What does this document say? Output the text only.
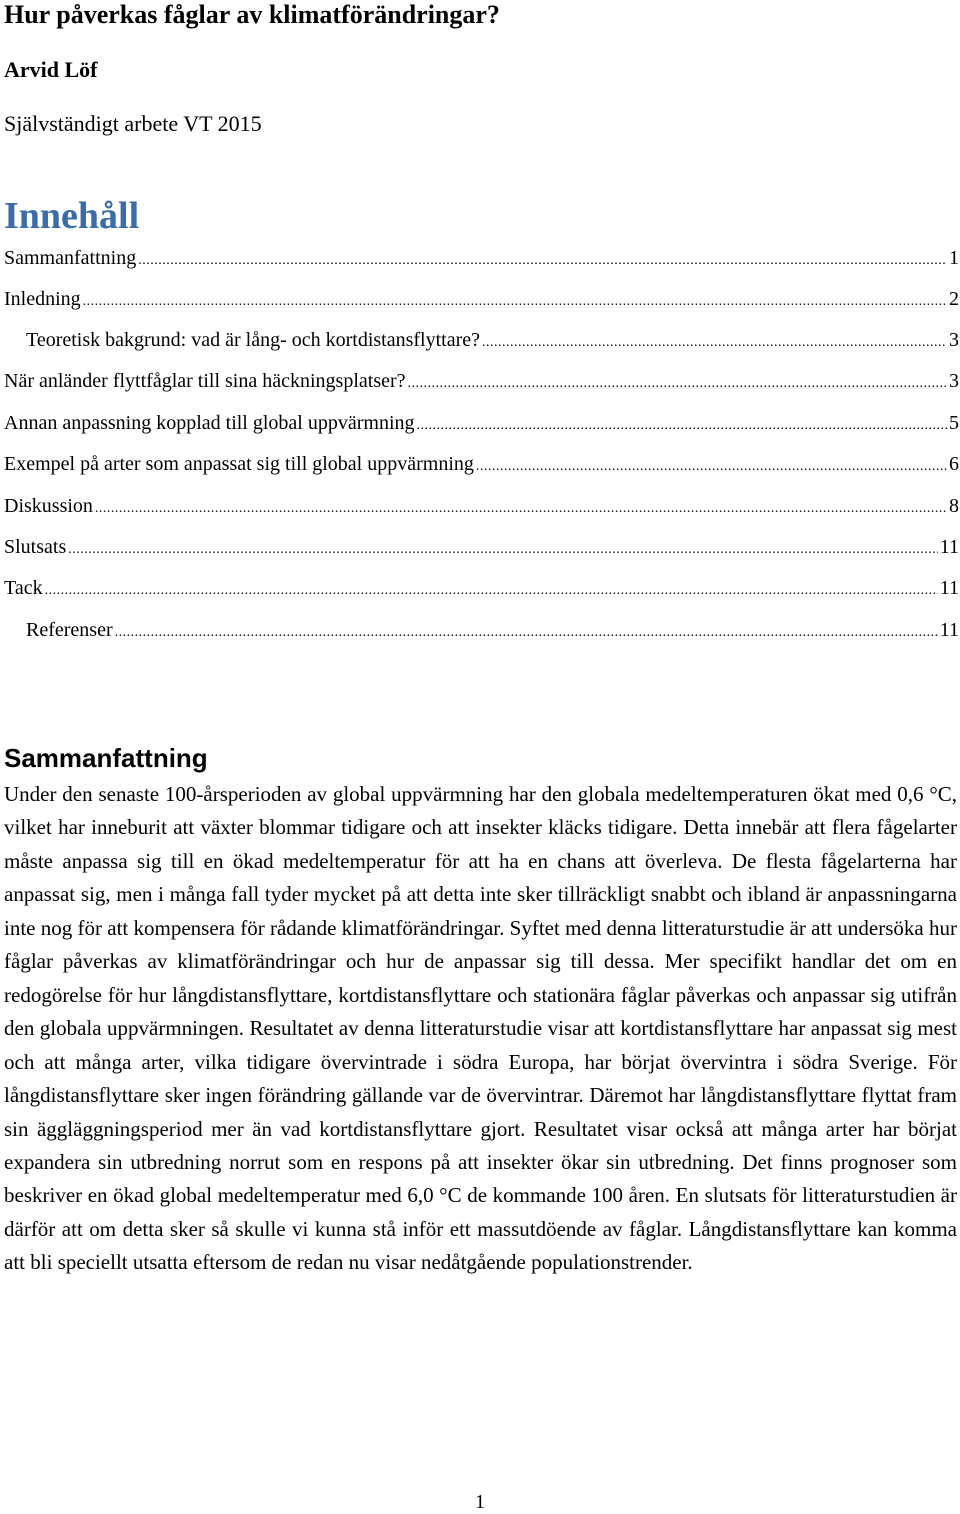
Hur påverkas fåglar av klimatförändringar?
Arvid Löf
Självständigt arbete VT 2015
Innehåll
Sammanfattning .....	1
Inledning .....	2
Teoretisk bakgrund: vad är lång- och kortdistansflyttare? .....	3
När anländer flyttfåglar till sina häckningsplatser? .....	3
Annan anpassning kopplad till global uppvärmning .....	5
Exempel på arter som anpassat sig till global uppvärmning .....	6
Diskussion .....	8
Slutsats .....	11
Tack .....	11
Referenser .....	11
Sammanfattning

Under den senaste 100-årsperioden av global uppvärmning har den globala medeltemperaturen ökat med 0,6 °C, vilket har inneburit att växter blommar tidigare och att insekter kläcks tidigare. Detta innebär att flera fågelarter måste anpassa sig till en ökad medeltemperatur för att ha en chans att överleva. De flesta fågelarterna har anpassat sig, men i många fall tyder mycket på att detta inte sker tillräckligt snabbt och ibland är anpassningarna inte nog för att kompensera för rådande klimatförändringar. Syftet med denna litteraturstudie är att undersöka hur fåglar påverkas av klimatförändringar och hur de anpassar sig till dessa. Mer specifikt handlar det om en redogörelse för hur långdistansflyttare, kortdistansflyttare och stationära fåglar påverkas och anpassar sig utifrån den globala uppvärmningen. Resultatet av denna litteraturstudie visar att kortdistansflyttare har anpassat sig mest och att många arter, vilka tidigare övervintrade i södra Europa, har börjat övervintra i södra Sverige. För långdistansflyttare sker ingen förändring gällande var de övervintrar. Däremot har långdistansflyttare flyttat fram sin äggläggningsperiod mer än vad kortdistansflyttare gjort. Resultatet visar också att många arter har börjat expandera sin utbredning norrut som en respons på att insekter ökar sin utbredning. Det finns prognoser som beskriver en ökad global medeltemperatur med 6,0 °C de kommande 100 åren. En slutsats för litteraturstudien är därför att om detta sker så skulle vi kunna stå inför ett massutdöende av fåglar. Långdistansflyttare kan komma att bli speciellt utsatta eftersom de redan nu visar nedåtgående populationstrender.

1
